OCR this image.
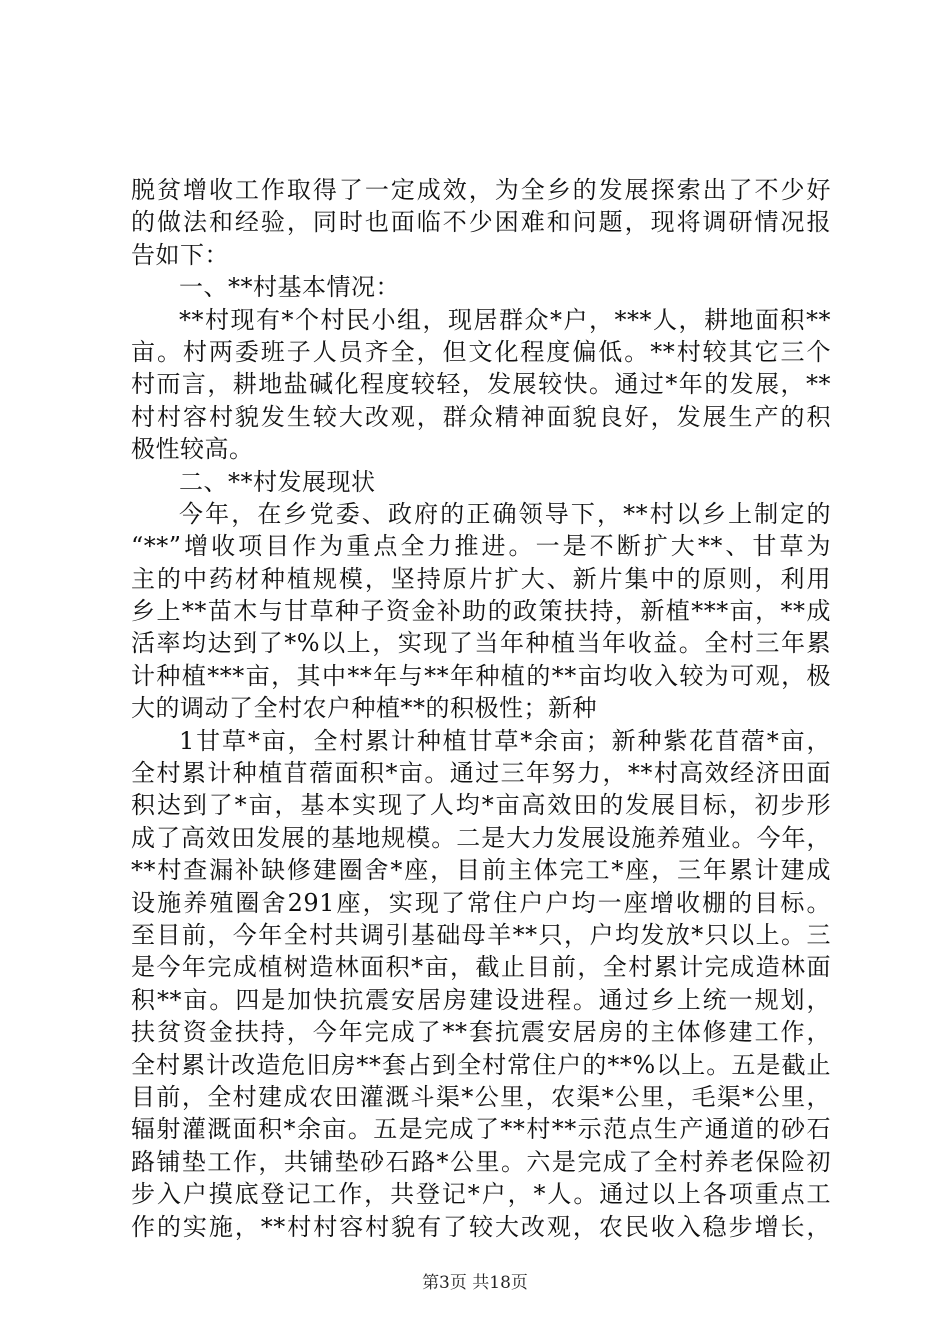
脱贫增收工作取得了一定成效，为全乡的发展探索出了不少好
的做法和经验，同时也面临不少困难和问题，现将调研情况报
告如下：
一、**村基本情况：
**村现有*个村民小组，现居群众*户，***人，耕地面积**
亩。村两委班子人员齐全，但文化程度偏低。**村较其它三个
村而言，耕地盐碱化程度较轻，发展较快。通过*年的发展，**
村村容村貌发生较大改观，群众精神面貌良好，发展生产的积
极性较高。
二、**村发展现状
今年，在乡党委、政府的正确领导下，**村以乡上制定的
“**”增收项目作为重点全力推进。一是不断扩大**、甘草为
主的中药材种植规模，坚持原片扩大、新片集中的原则，利用
乡上**苗木与甘草种子资金补助的政策扶持，新植***亩，**成
活率均达到了*%以上，实现了当年种植当年收益。全村三年累
计种植***亩，其中**年与**年种植的**亩均收入较为可观，极
大的调动了全村农户种植**的积极性；新种
1甘草*亩，全村累计种植甘草*余亩；新种紫花苜蓿*亩，
全村累计种植苜蓿面积*亩。通过三年努力，**村高效经济田面
积达到了*亩，基本实现了人均*亩高效田的发展目标，初步形
成了高效田发展的基地规模。二是大力发展设施养殖业。今年，
**村查漏补缺修建圈舍*座，目前主体完工*座，三年累计建成
设施养殖圈舍291座，实现了常住户户均一座增收棚的目标。
至目前，今年全村共调引基础母羊**只，户均发放*只以上。三
是今年完成植树造林面积*亩，截止目前，全村累计完成造林面
积**亩。四是加快抗震安居房建设进程。通过乡上统一规划，
扶贫资金扶持，今年完成了**套抗震安居房的主体修建工作，
全村累计改造危旧房**套占到全村常住户的**%以上。五是截止
目前，全村建成农田灌溉斗渠*公里，农渠*公里，毛渠*公里，
辐射灌溉面积*余亩。五是完成了**村**示范点生产通道的砂石
路铺垫工作，共铺垫砂石路*公里。六是完成了全村养老保险初
步入户摸底登记工作，共登记*户，*人。通过以上各项重点工
作的实施，**村村容村貌有了较大改观，农民收入稳步增长，
第3页 共18页
